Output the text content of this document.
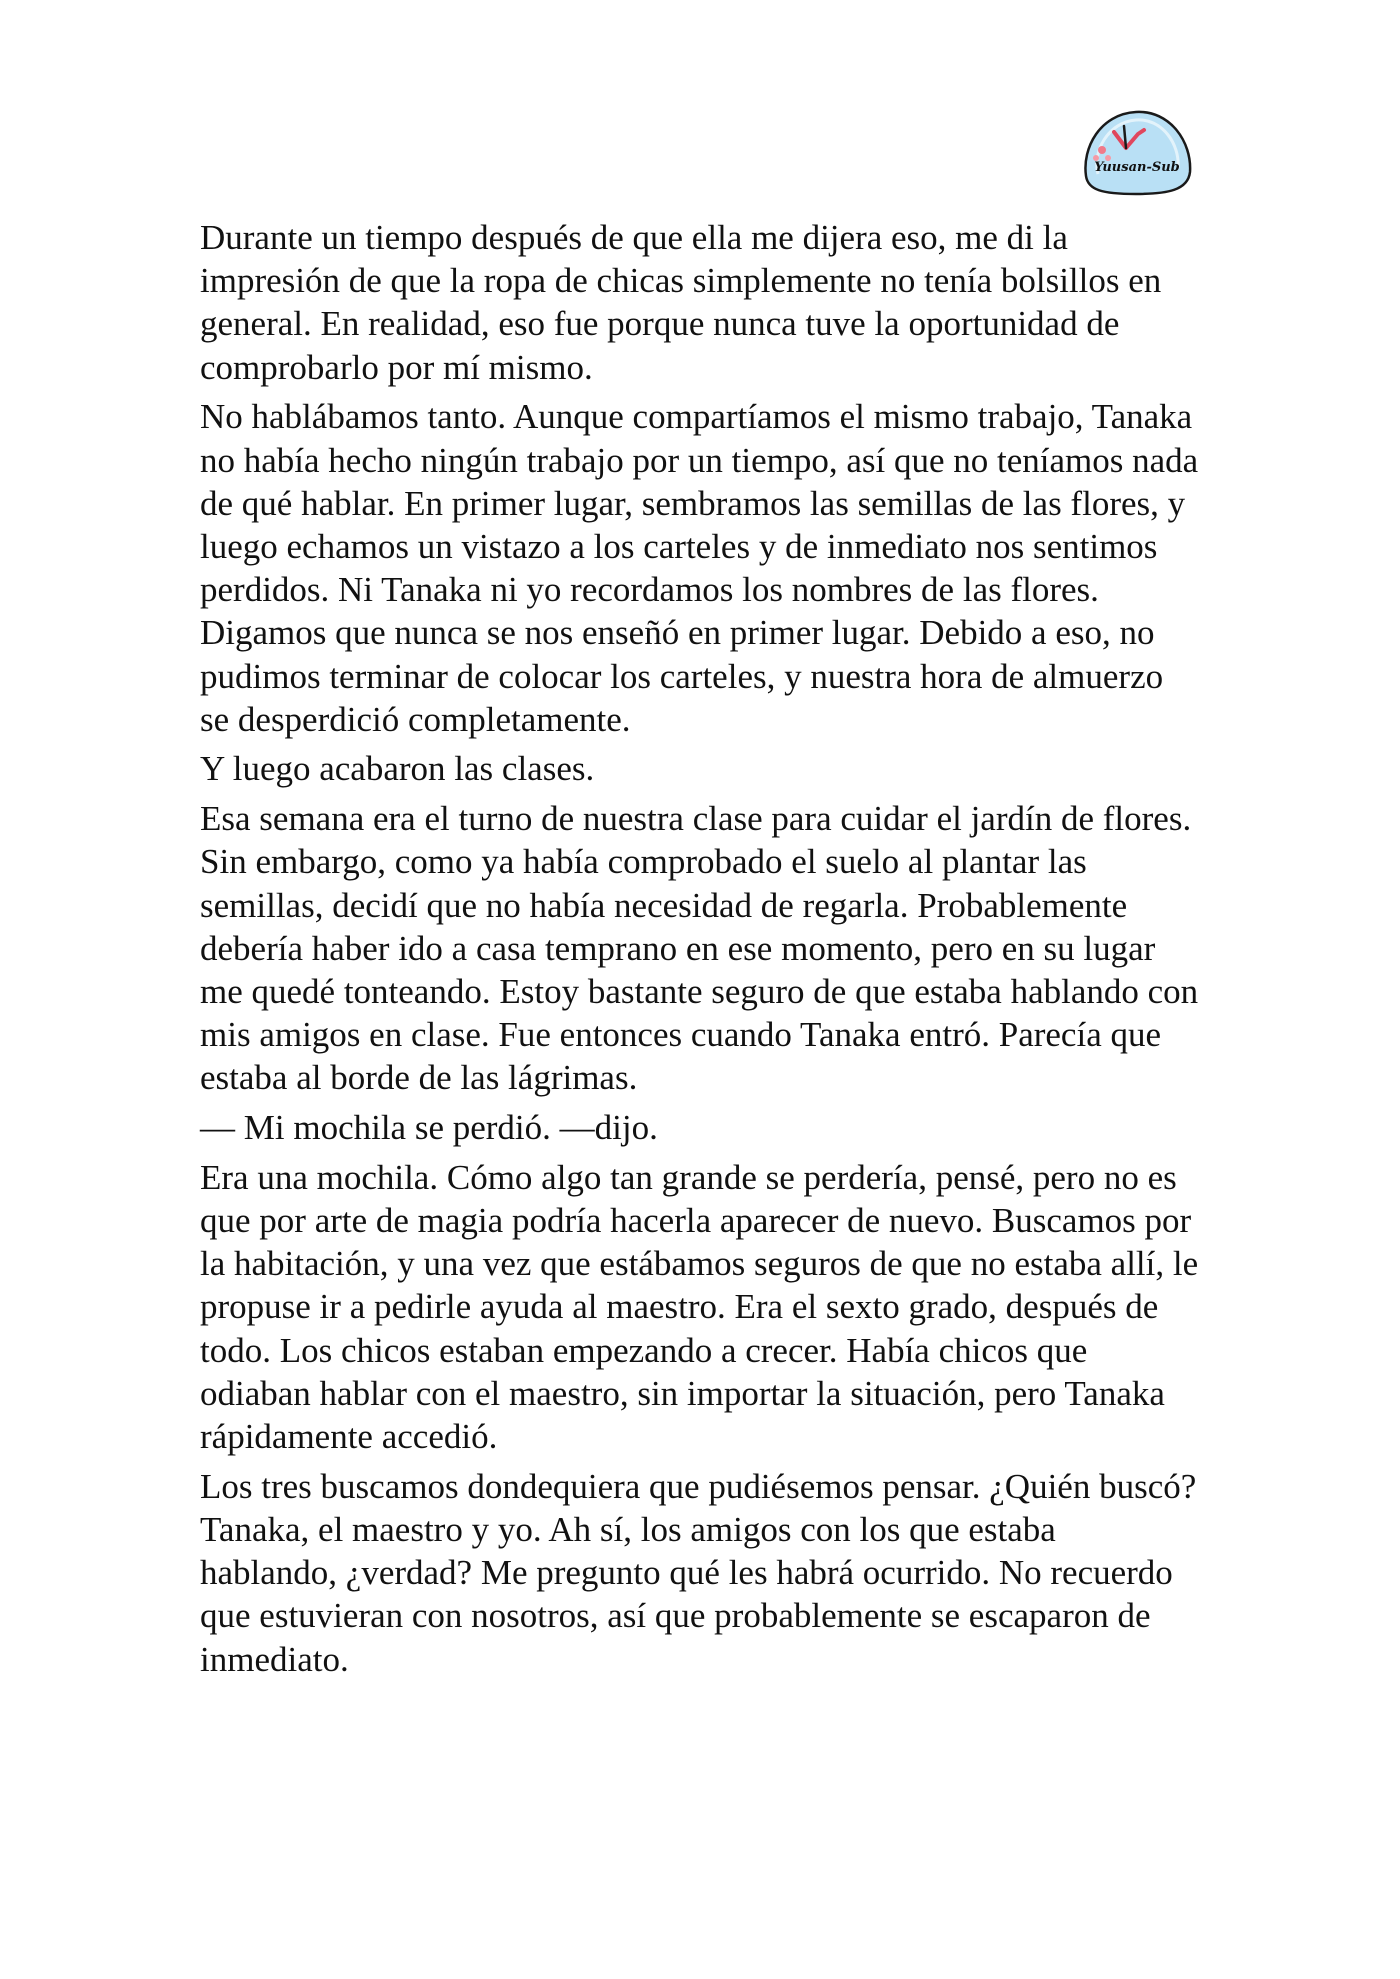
Yuusan-Sub

Durante un tiempo después de que ella me dijera eso, me di la impresión de que la ropa de chicas simplemente no tenía bolsillos en general. En realidad, eso fue porque nunca tuve la oportunidad de comprobarlo por mí mismo.

No hablábamos tanto. Aunque compartíamos el mismo trabajo, Tanaka no había hecho ningún trabajo por un tiempo, así que no teníamos nada de qué hablar. En primer lugar, sembramos las semillas de las flores, y luego echamos un vistazo a los carteles y de inmediato nos sentimos perdidos. Ni Tanaka ni yo recordamos los nombres de las flores. Digamos que nunca se nos enseñó en primer lugar. Debido a eso, no pudimos terminar de colocar los carteles, y nuestra hora de almuerzo se desperdició completamente.

Y luego acabaron las clases.

Esa semana era el turno de nuestra clase para cuidar el jardín de flores. Sin embargo, como ya había comprobado el suelo al plantar las semillas, decidí que no había necesidad de regarla. Probablemente debería haber ido a casa temprano en ese momento, pero en su lugar me quedé tonteando. Estoy bastante seguro de que estaba hablando con mis amigos en clase. Fue entonces cuando Tanaka entró. Parecía que estaba al borde de las lágrimas.

— Mi mochila se perdió. —dijo.

Era una mochila. Cómo algo tan grande se perdería, pensé, pero no es que por arte de magia podría hacerla aparecer de nuevo. Buscamos por la habitación, y una vez que estábamos seguros de que no estaba allí, le propuse ir a pedirle ayuda al maestro. Era el sexto grado, después de todo. Los chicos estaban empezando a crecer. Había chicos que odiaban hablar con el maestro, sin importar la situación, pero Tanaka rápidamente accedió.

Los tres buscamos dondequiera que pudiésemos pensar. ¿Quién buscó? Tanaka, el maestro y yo. Ah sí, los amigos con los que estaba hablando, ¿verdad? Me pregunto qué les habrá ocurrido. No recuerdo que estuvieran con nosotros, así que probablemente se escaparon de inmediato.
